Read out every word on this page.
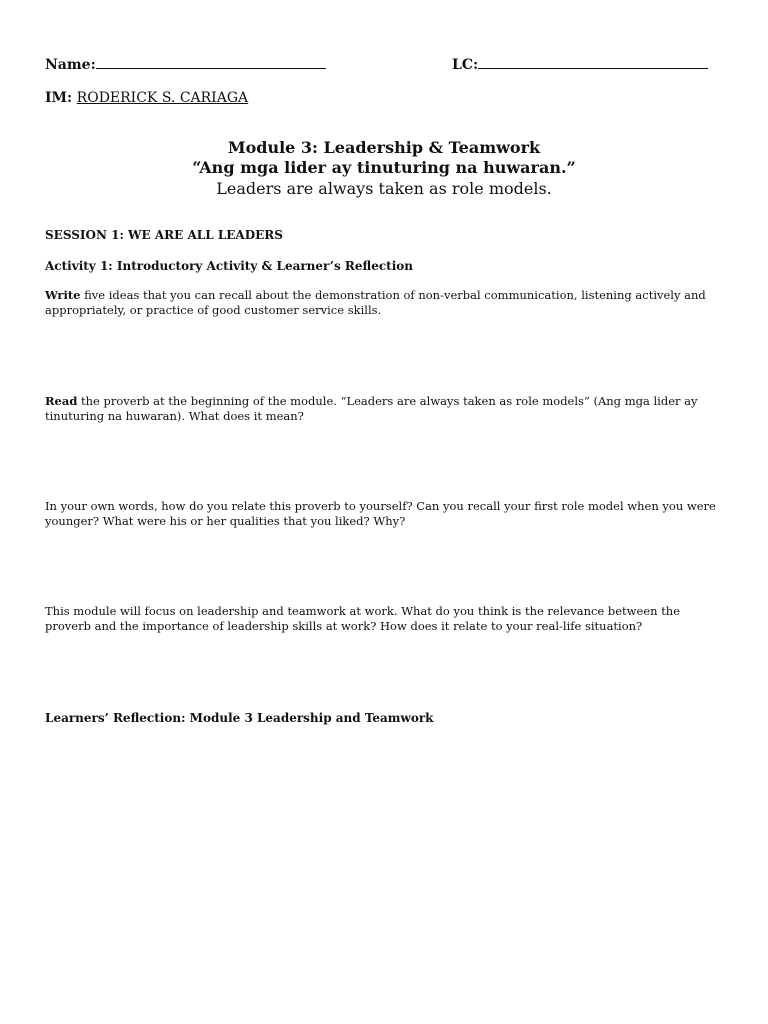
Name:	LC:
IM: RODERICK S. CARIAGA
Module 3: Leadership & Teamwork
“Ang mga lider ay tinuturing na huwaran.”
Leaders are always taken as role models.
SESSION 1: WE ARE ALL LEADERS
Activity 1: Introductory Activity & Learner’s Reflection
Write five ideas that you can recall about the demonstration of non-verbal communication, listening actively and appropriately, or practice of good customer service skills.
Read the proverb at the beginning of the module. “Leaders are always taken as role models” (Ang mga lider ay tinuturing na huwaran). What does it mean?
In your own words, how do you relate this proverb to yourself? Can you recall your first role model when you were younger? What were his or her qualities that you liked? Why?
This module will focus on leadership and teamwork at work. What do you think is the relevance between the proverb and the importance of leadership skills at work? How does it relate to your real-life situation?
Learners’ Reflection: Module 3 Leadership and Teamwork
